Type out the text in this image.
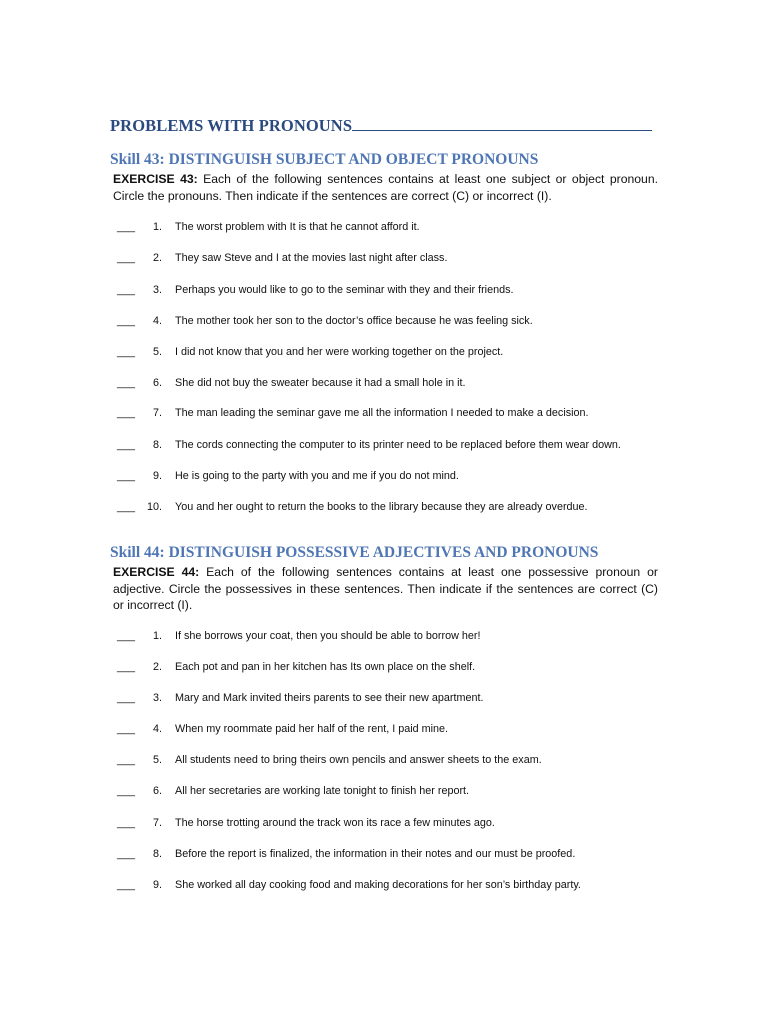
PROBLEMS WITH PRONOUNS
Skill 43: DISTINGUISH SUBJECT AND OBJECT PRONOUNS
EXERCISE 43: Each of the following sentences contains at least one subject or object pronoun. Circle the pronouns. Then indicate if the sentences are correct (C) or incorrect (I).
___	1. The worst problem with It is that he cannot afford it.
___	2. They saw Steve and I at the movies last night after class.
___	3. Perhaps you would like to go to the seminar with they and their friends.
___	4. The mother took her son to the doctor’s office because he was feeling sick.
___	5. I did not know that you and her were working together on the project.
___	6. She did not buy the sweater because it had a small hole in it.
___	7. The man leading the seminar gave me all the information I needed to make a decision.
___	8. The cords connecting the computer to its printer need to be replaced before them wear down.
___	9. He is going to the party with you and me if you do not mind.
___	10. You and her ought to return the books to the library because they are already overdue.
Skill 44: DISTINGUISH POSSESSIVE ADJECTIVES AND PRONOUNS
EXERCISE 44: Each of the following sentences contains at least one possessive pronoun or adjective. Circle the possessives in these sentences. Then indicate if the sentences are correct (C) or incorrect (I).
___	1. If she borrows your coat, then you should be able to borrow her!
___	2. Each pot and pan in her kitchen has Its own place on the shelf.
___	3. Mary and Mark invited theirs parents to see their new apartment.
___	4. When my roommate paid her half of the rent, I paid mine.
___	5. All students need to bring theirs own pencils and answer sheets to the exam.
___	6. All her secretaries are working late tonight to finish her report.
___	7. The horse trotting around the track won its race a few minutes ago.
___	8. Before the report is finalized, the information in their notes and our must be proofed.
___	9. She worked all day cooking food and making decorations for her son’s birthday party.
